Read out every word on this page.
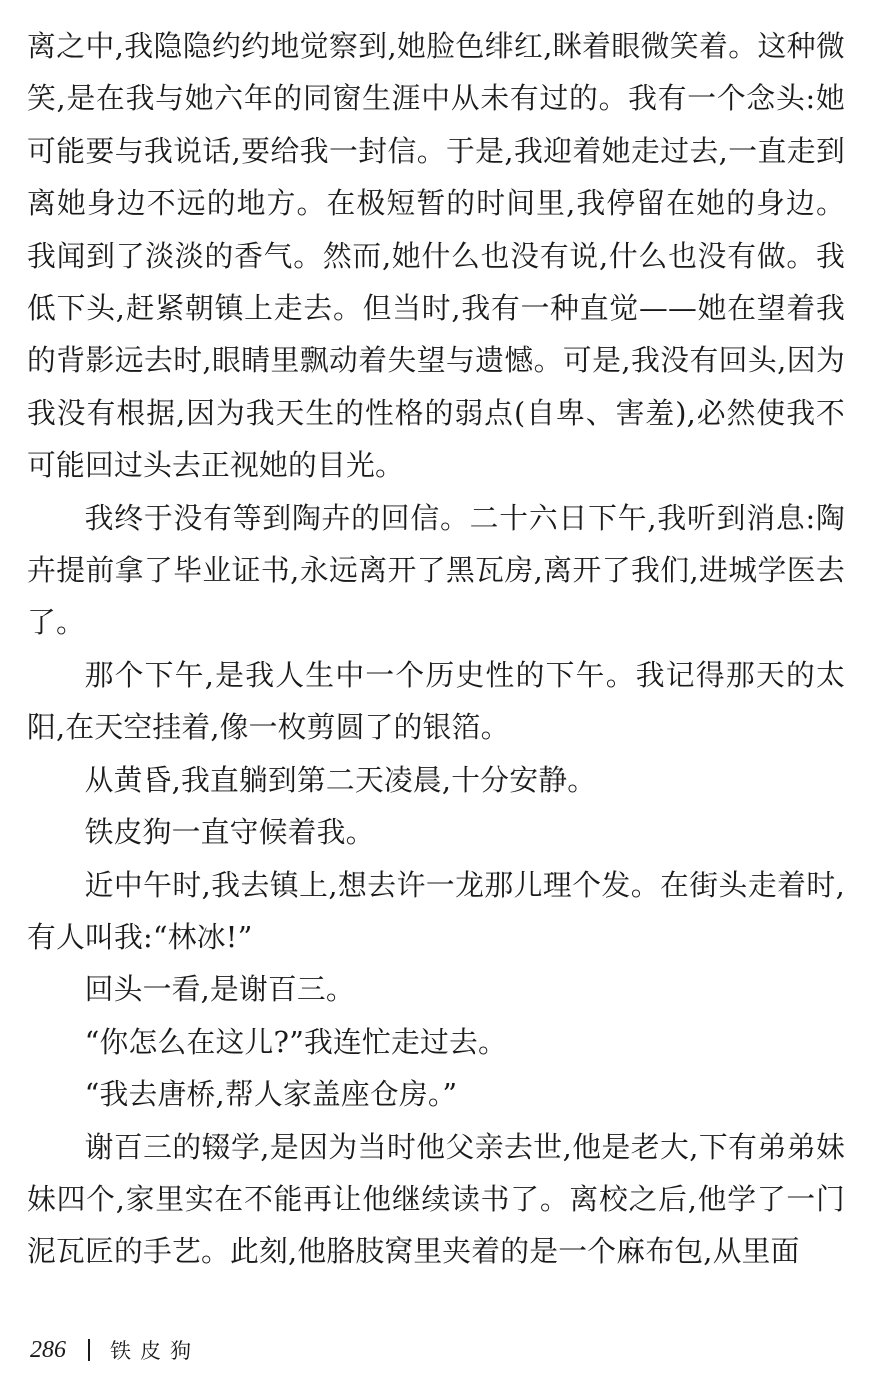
离之中,我隐隐约约地觉察到,她脸色绯红,眯着眼微笑着。这种微笑,是在我与她六年的同窗生涯中从未有过的。我有一个念头:她可能要与我说话,要给我一封信。于是,我迎着她走过去,一直走到离她身边不远的地方。在极短暂的时间里,我停留在她的身边。我闻到了淡淡的香气。然而,她什么也没有说,什么也没有做。我低下头,赶紧朝镇上走去。但当时,我有一种直觉——她在望着我的背影远去时,眼睛里飘动着失望与遗憾。可是,我没有回头,因为我没有根据,因为我天生的性格的弱点(自卑、害羞),必然使我不可能回过头去正视她的目光。

我终于没有等到陶卉的回信。二十六日下午,我听到消息:陶卉提前拿了毕业证书,永远离开了黑瓦房,离开了我们,进城学医去了。

那个下午,是我人生中一个历史性的下午。我记得那天的太阳,在天空挂着,像一枚剪圆了的银箔。

从黄昏,我直躺到第二天凌晨,十分安静。

铁皮狗一直守候着我。

近中午时,我去镇上,想去许一龙那儿理个发。在街头走着时,有人叫我:“林冰!”

回头一看,是谢百三。

“你怎么在这儿?”我连忙走过去。

“我去唐桥,帮人家盖座仓房。”

谢百三的辍学,是因为当时他父亲去世,他是老大,下有弟弟妹妹四个,家里实在不能再让他继续读书了。离校之后,他学了一门泥瓦匠的手艺。此刻,他胳肢窝里夹着的是一个麻布包,从里面

286 铁皮狗
